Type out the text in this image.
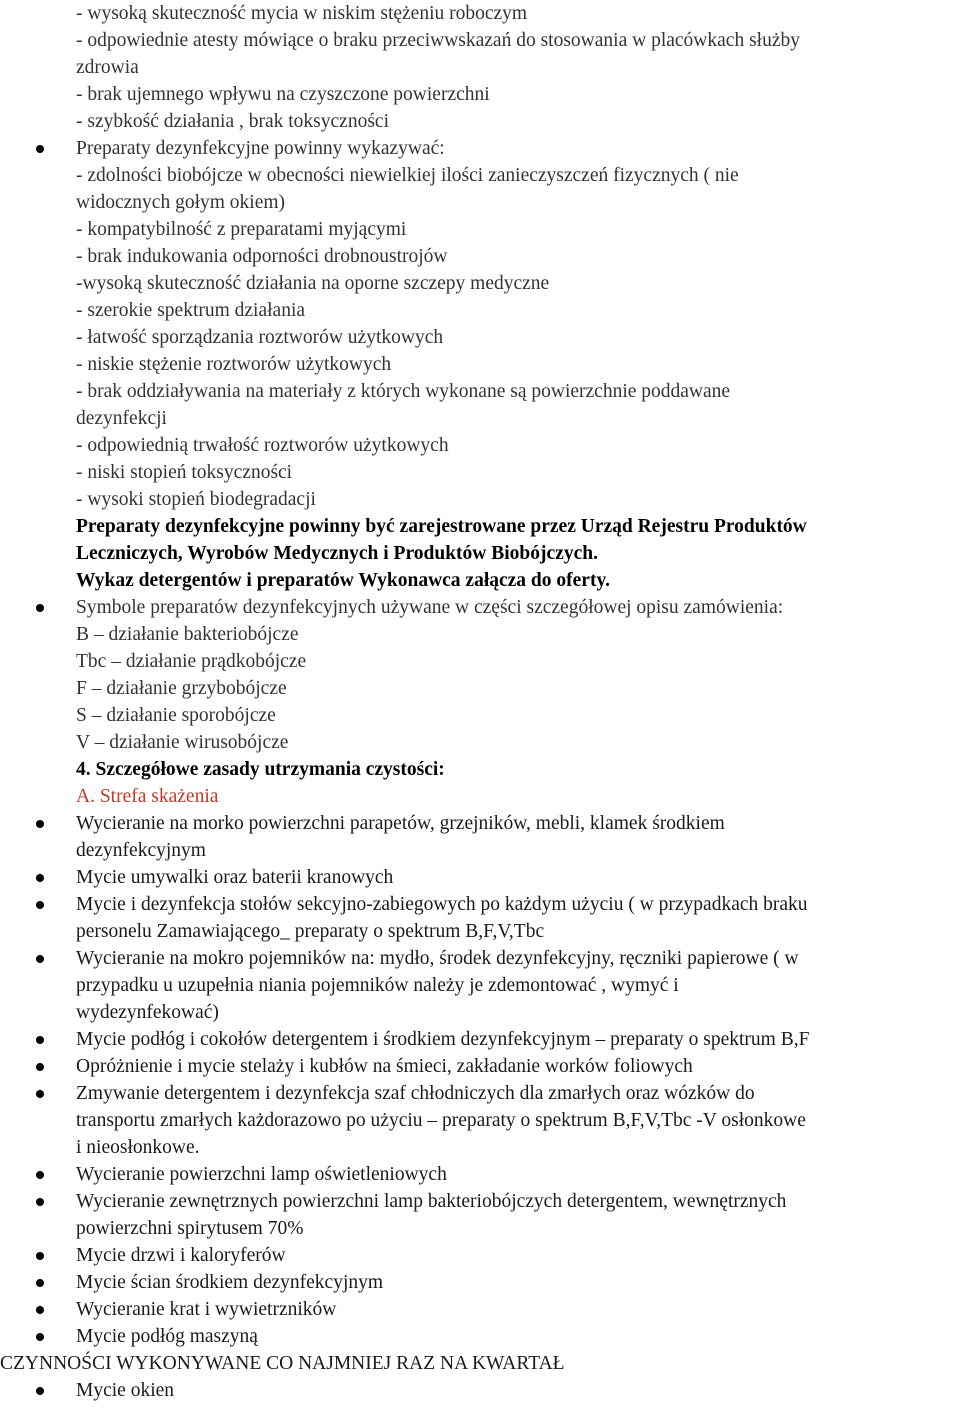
- wysoką skuteczność mycia w niskim stężeniu roboczym
- odpowiednie atesty mówiące o braku przeciwwskazań do stosowania w placówkach służby
zdrowia
- brak ujemnego wpływu na czyszczone powierzchni
- szybkość działania , brak toksyczności
Preparaty dezynfekcyjne powinny wykazywać:
- zdolności biobójcze w obecności niewielkiej ilości zanieczyszczeń fizycznych ( nie
widocznych gołym okiem)
- kompatybilność z preparatami myjącymi
- brak indukowania odporności drobnoustrojów
-wysoką skuteczność działania na oporne szczepy medyczne
- szerokie spektrum działania
- łatwość sporządzania roztworów użytkowych
- niskie stężenie roztworów użytkowych
- brak oddziaływania na materiały z których wykonane są powierzchnie poddawane
dezynfekcji
- odpowiednią trwałość roztworów użytkowych
- niski stopień toksyczności
- wysoki stopień biodegradacji
Preparaty dezynfekcyjne powinny być zarejestrowane przez Urząd Rejestru Produktów
Leczniczych, Wyrobów Medycznych i Produktów Biobójczych.
Wykaz detergentów i preparatów Wykonawca załącza do oferty.
Symbole preparatów dezynfekcyjnych używane w części szczegółowej opisu zamówienia:
B – działanie bakteriobójcze
Tbc – działanie prądkobójcze
F – działanie grzybobójcze
S – działanie sporobójcze
V – działanie wirusobójcze
4. Szczegółowe zasady utrzymania czystości:
A. Strefa skażenia
Wycieranie na morko powierzchni parapetów, grzejników, mebli, klamek środkiem
dezynfekcyjnym
Mycie umywalki oraz baterii kranowych
Mycie i dezynfekcja stołów sekcyjno-zabiegowych po każdym użyciu ( w przypadkach braku
personelu Zamawiającego_ preparaty o spektrum B,F,V,Tbc
Wycieranie na mokro pojemników na: mydło, środek dezynfekcyjny, ręczniki papierowe ( w
przypadku u uzupełnia niania pojemników należy je zdemontować , wymyć i
wydezynfekować)
Mycie podłóg i cokołów detergentem i środkiem dezynfekcyjnym – preparaty o spektrum B,F
Opróżnienie i mycie stelaży i kubłów na śmieci, zakładanie worków foliowych
Zmywanie detergentem i dezynfekcja szaf chłodniczych dla zmarłych oraz wózków do
transportu zmarłych każdorazowo po użyciu – preparaty o spektrum B,F,V,Tbc -V osłonkowe
i nieosłonkowe.
Wycieranie powierzchni lamp oświetleniowych
Wycieranie zewnętrznych powierzchni lamp bakteriobójczych detergentem, wewnętrznych
powierzchni spirytusem 70%
Mycie drzwi i kaloryferów
Mycie ścian środkiem dezynfekcyjnym
Wycieranie krat i wywietrzników
Mycie podłóg maszyną
CZYNNOŚCI WYKONYWANE CO NAJMNIEJ RAZ NA KWARTAŁ
Mycie okien
